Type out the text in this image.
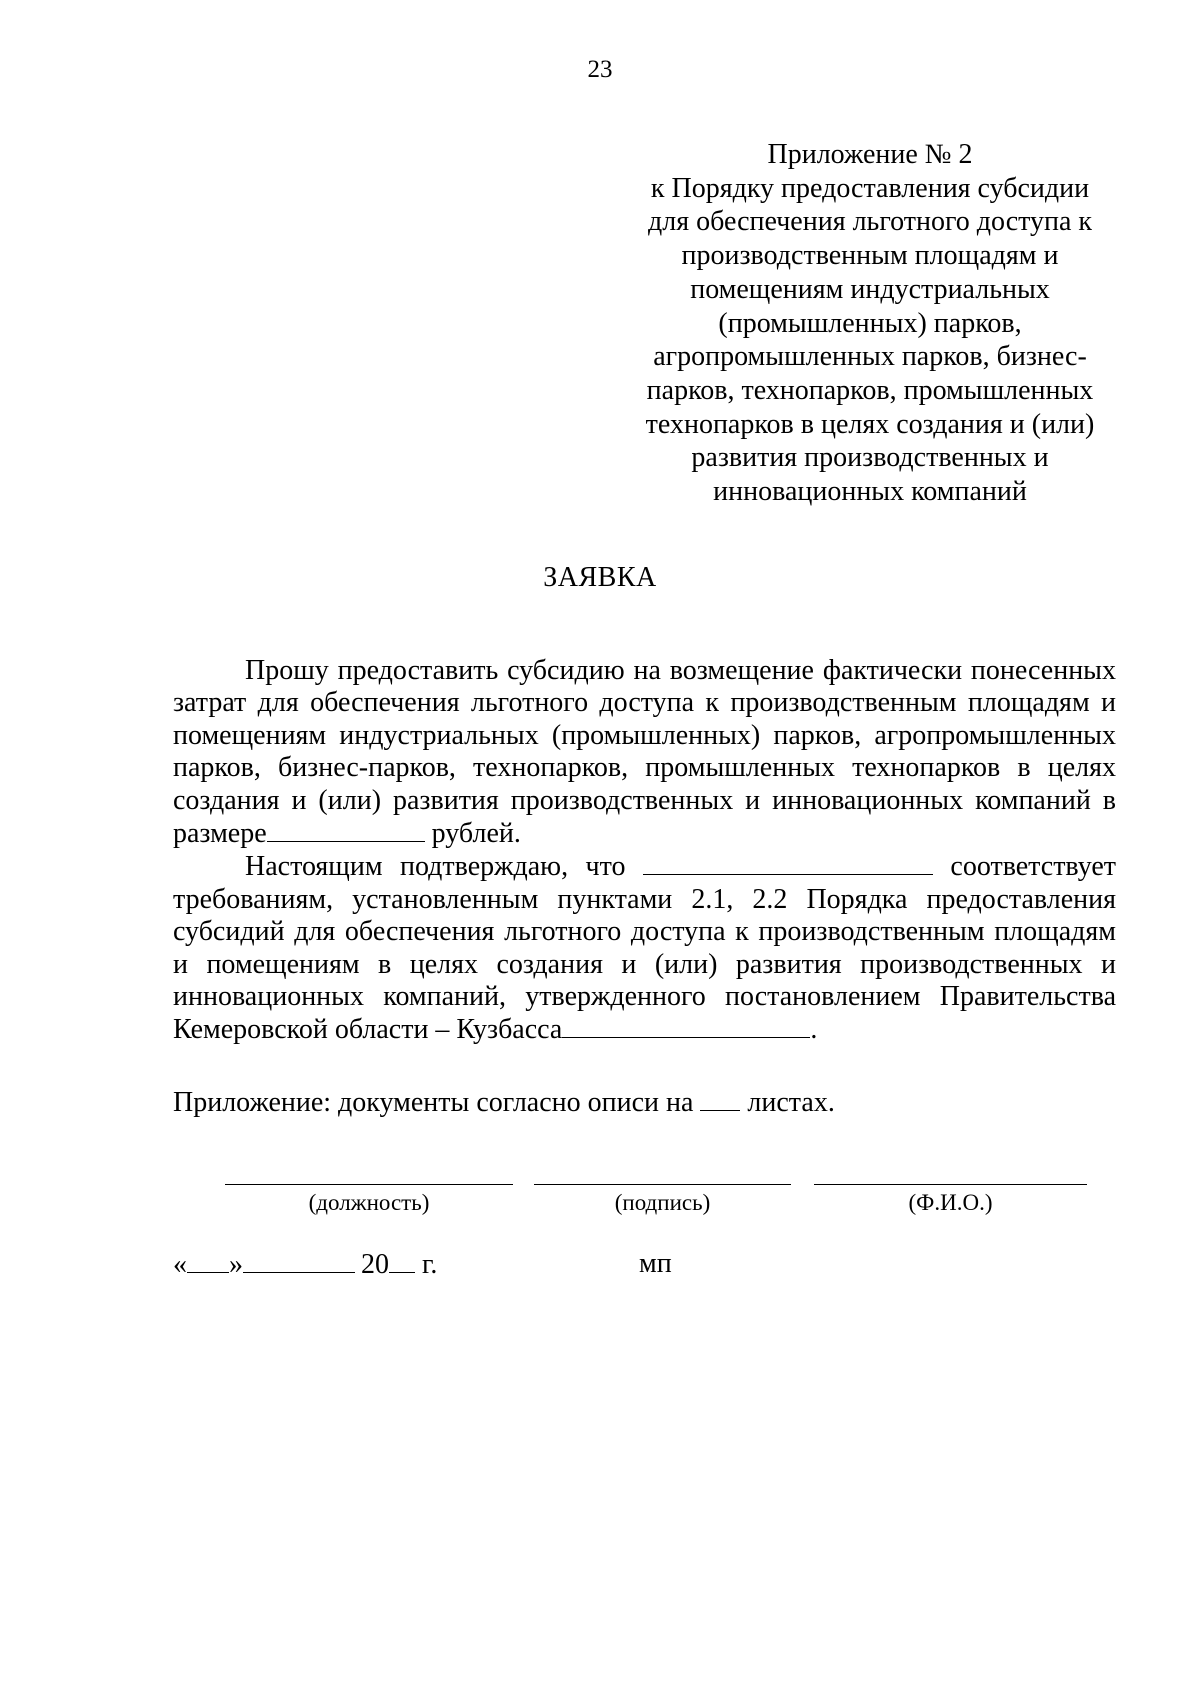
23
Приложение № 2
к Порядку предоставления субсидии
для обеспечения льготного доступа к
производственным площадям и
помещениям индустриальных
(промышленных) парков,
агропромышленных парков, бизнес-
парков, технопарков, промышленных
технопарков в целях создания и (или)
развития производственных и
инновационных компаний
ЗАЯВКА

Прошу предоставить субсидию на возмещение фактически понесенных затрат для обеспечения льготного доступа к производственным площадям и помещениям индустриальных (промышленных) парков, агропромышленных парков, бизнес-парков, технопарков, промышленных технопарков в целях создания и (или) развития производственных и инновационных компаний в размере	рублей.

Настоящим подтверждаю, что	соответствует требованиям, установленным пунктами 2.1, 2.2 Порядка предоставления субсидий для обеспечения льготного доступа к производственным площадям и помещениям в целях создания и (или) развития производственных и инновационных компаний, утвержденного постановлением Правительства Кемеровской области – Кузбасса	.

Приложение: документы согласно описи на  листах.
(должность)	(подпись)	(Ф.И.О.)
« »	20 г.	мп
